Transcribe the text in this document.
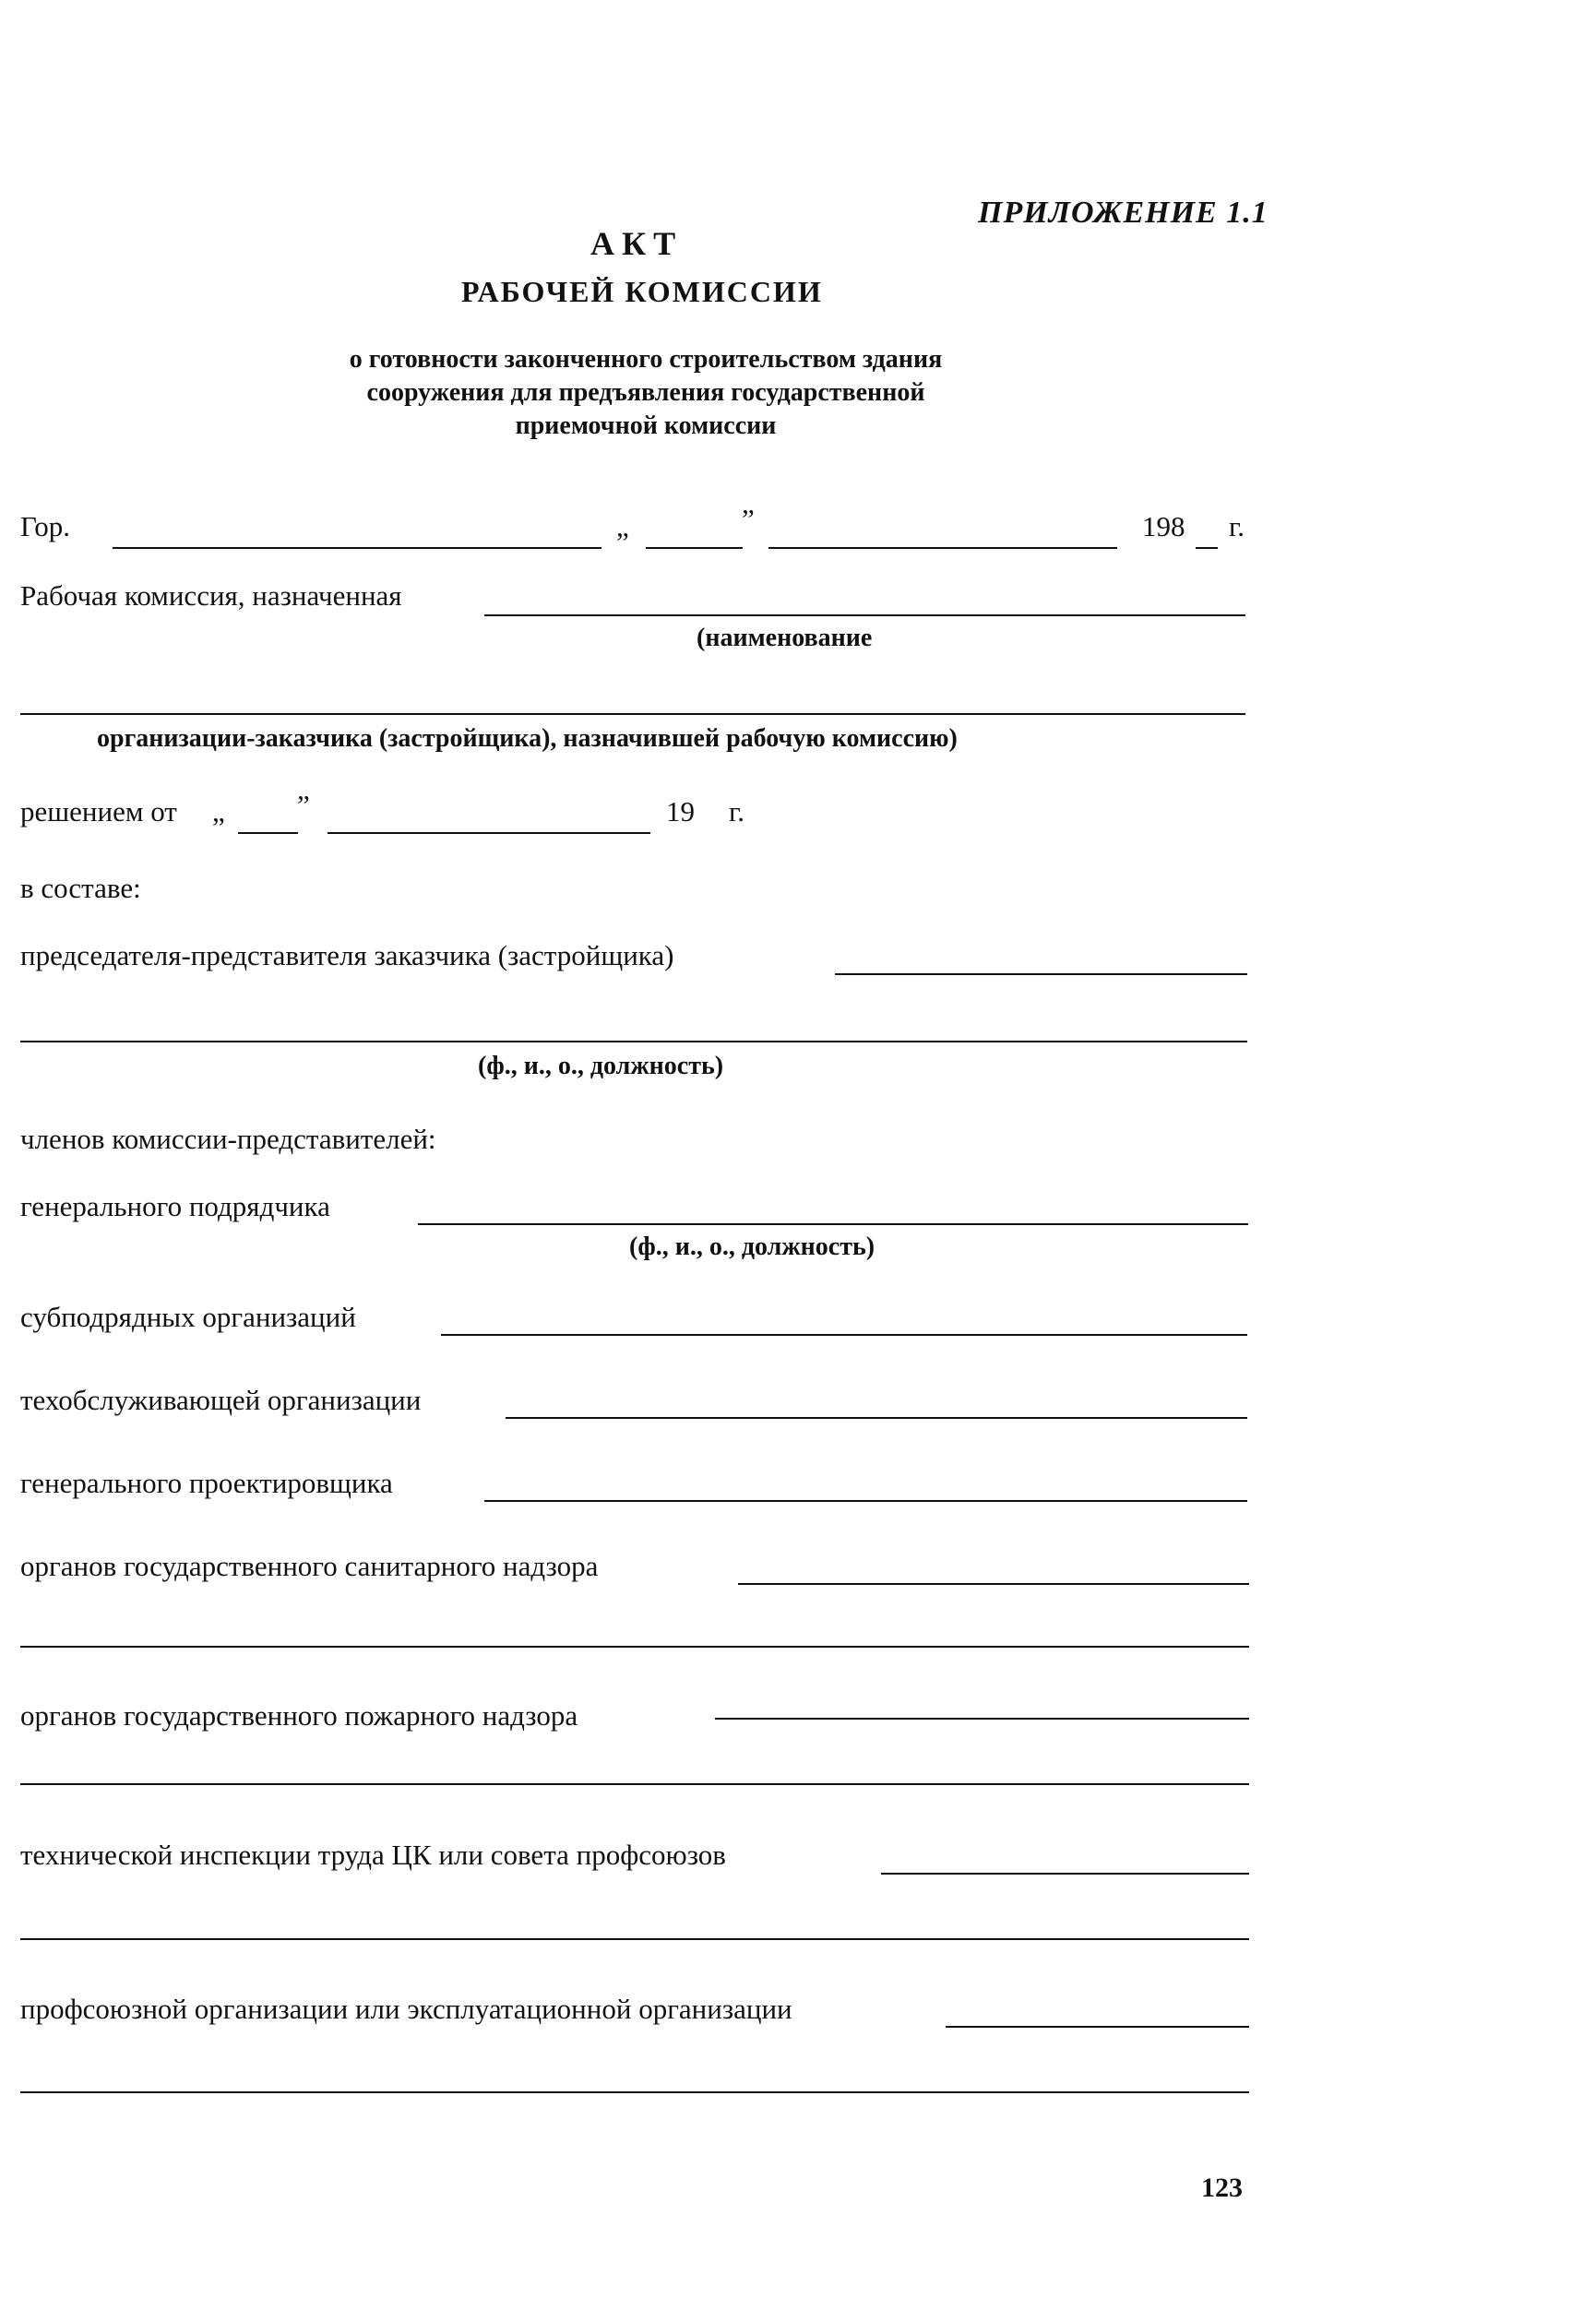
ПРИЛОЖЕНИЕ 1.1
АКТ
РАБОЧЕЙ КОМИССИИ
о готовности законченного строительством здания
сооружения для предъявления государственной
приемочной комиссии
Гор.	„	”	198 г.
Рабочая комиссия, назначенная
(наименование
организации-заказчика (застройщика), назначившей рабочую комиссию)
решением от „	”	19 г.
в составе:
председателя-представителя заказчика (застройщика)
(ф., и., о., должность)
членов комиссии-представителей:
генерального подрядчика
(ф., и., о., должность)
субподрядных организаций
техобслуживающей организации
генерального проектировщика
органов государственного санитарного надзора
органов государственного пожарного надзора
технической инспекции труда ЦК или совета профсоюзов
профсоюзной организации или эксплуатационной организации
123
